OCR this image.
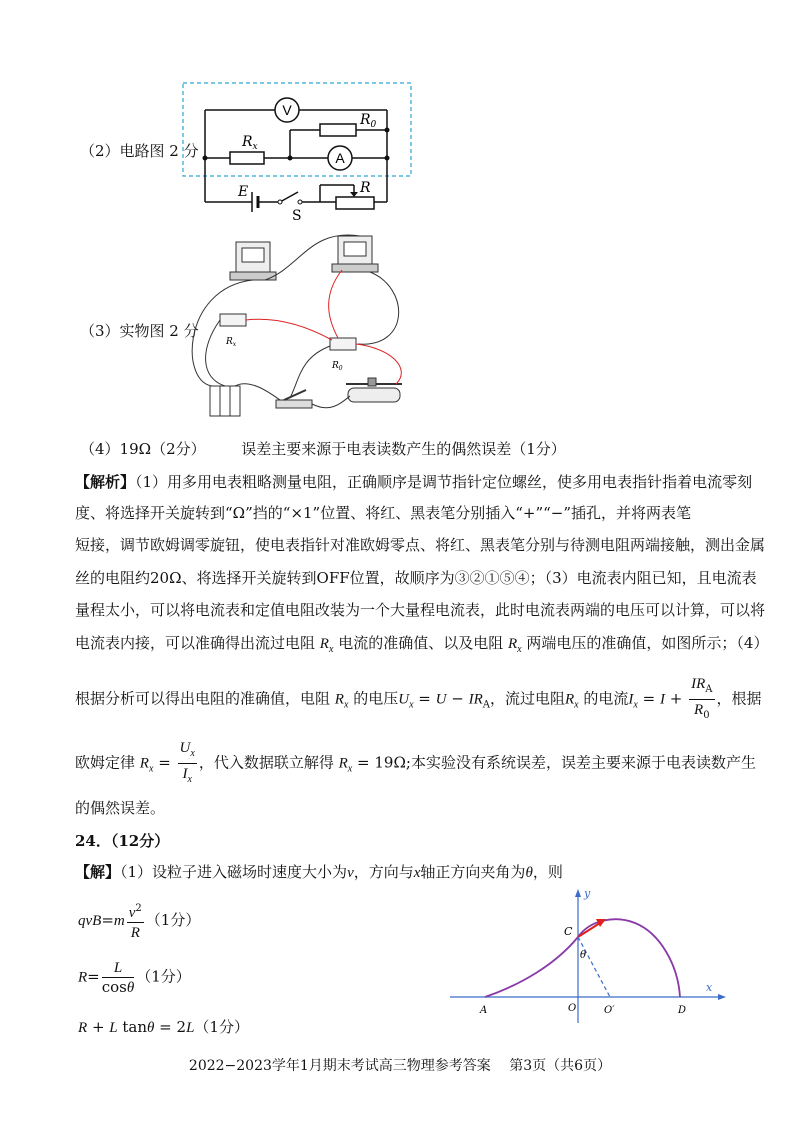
（2）电路图 2 分
V
$R_x$
$R_0$
A
E
S
R
（3）实物图 2 分
$R_x$
$R_0$
（4）19Ω（2分） 误差主要来源于电表读数产生的偶然误差（1分）
【解析】（1）用多用电表粗略测量电阻，正确顺序是调节指针定位螺丝，使多用电表指针指着电流零刻
度、将选择开关旋转到“Ω”挡的“×1”位置、将红、黑表笔分别插入“+”“−”插孔，并将两表笔
短接，调节欧姆调零旋钮，使电表指针对准欧姆零点、将红、黑表笔分别与待测电阻两端接触，测出金属
丝的电阻约20Ω、将选择开关旋转到OFF位置，故顺序为③②①⑤④；（3）电流表内阻已知，且电流表
量程太小，可以将电流表和定值电阻改装为一个大量程电流表，此时电流表两端的电压可以计算，可以将
电流表内接，可以准确得出流过电阻 $R_x$ 电流的准确值、以及电阻 $R_x$ 两端电压的准确值，如图所示；（4）
根据分析可以得出电阻的准确值，电阻 $R_x$ 的电压$U_x = U - IR_A$，流过电阻$R_x$ 的电流$I_x = I + \frac{IR_A}{R_0}$ ，根据
欧姆定律 $R_x = \frac{U_x}{I_x}$ ，代入数据联立解得 $R_x = 19\Omega$;本实验没有系统误差，误差主要来源于电表读数产生
的偶然误差。
24．（12分）
【解】（1）设粒子进入磁场时速度大小为v，方向与x轴正方向夹角为θ，则
$qvB=m \frac{v^2}{R} (1$分）
$R= \frac{L}{\cos\theta} (1$分）
R + L tanθ = 2L（1分）
y
x
C
θ
A	O	O′	D
2022−2023学年1月期末考试高三物理参考答案　 第3页（共6页）
